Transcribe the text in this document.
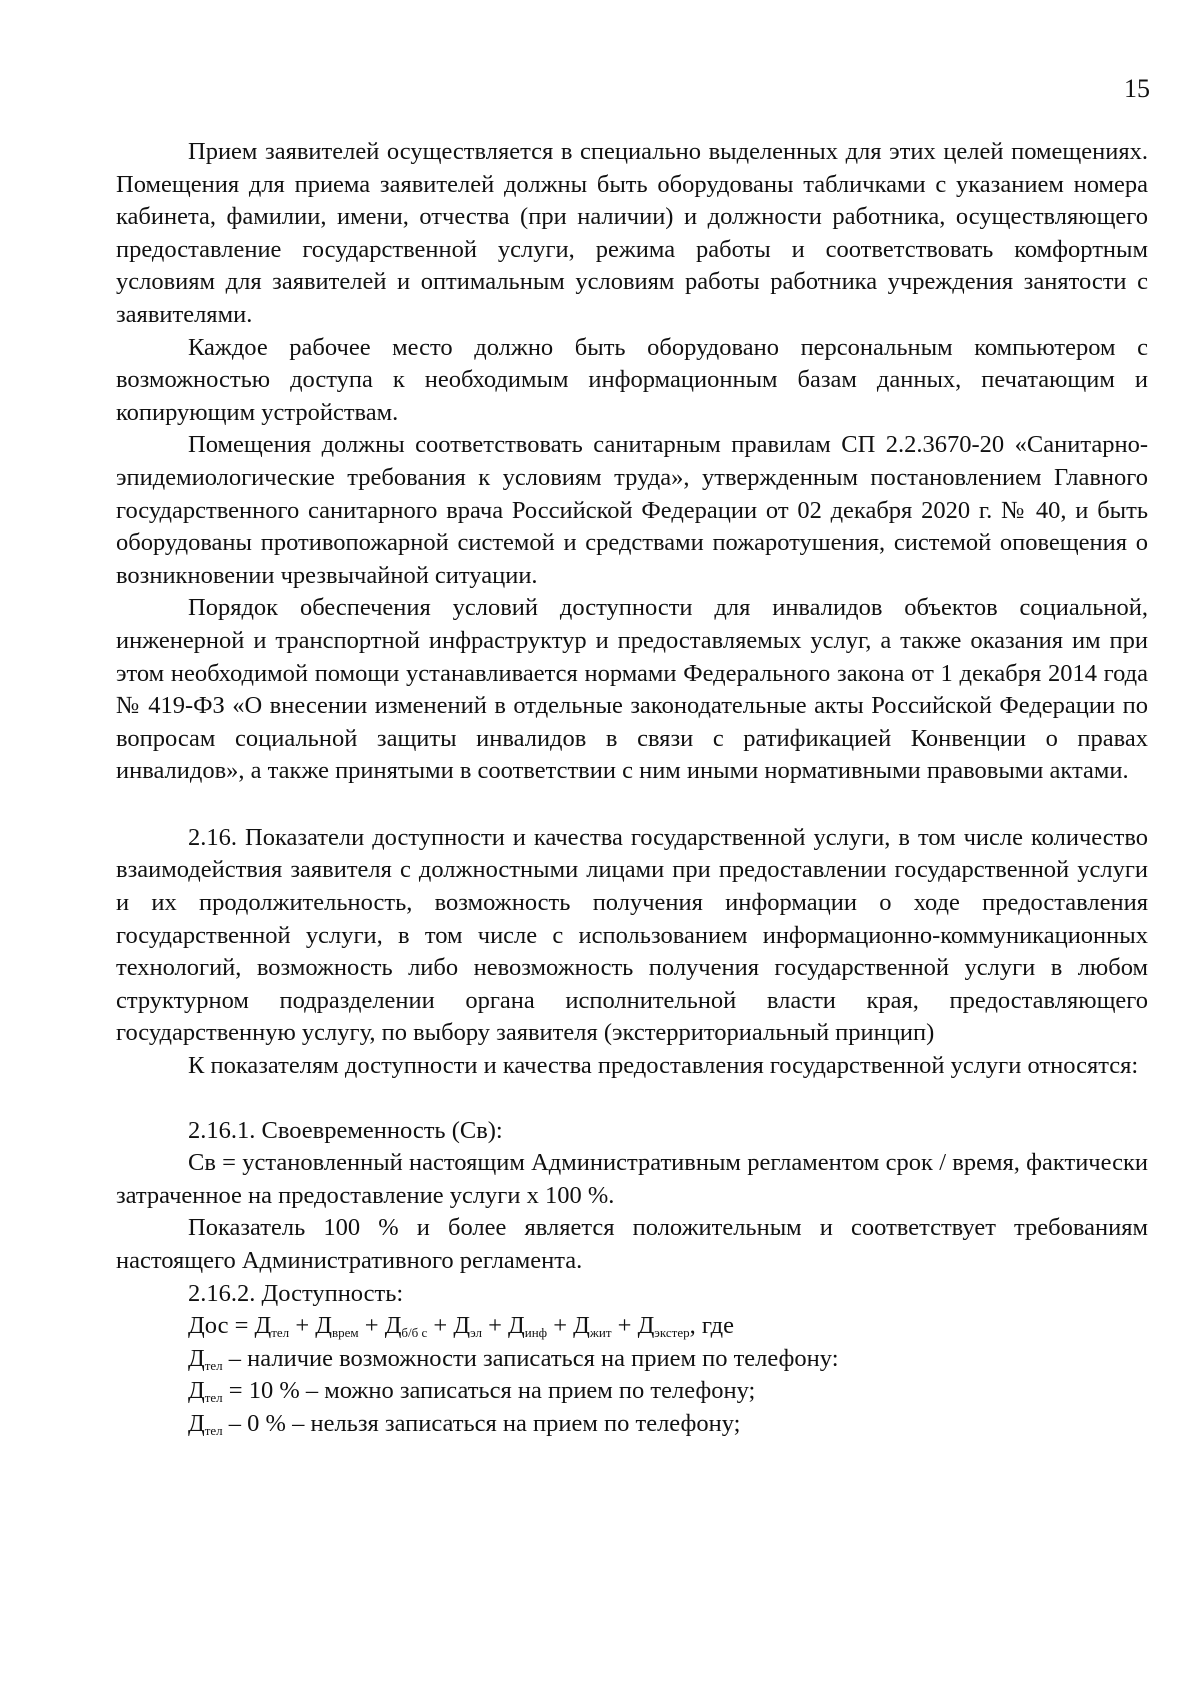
15

Прием заявителей осуществляется в специально выделенных для этих целей помещениях. Помещения для приема заявителей должны быть оборудованы табличками с указанием номера кабинета, фамилии, имени, отчества (при наличии) и должности работника, осуществляющего предоставление государственной услуги, режима работы и соответствовать комфортным условиям для заявителей и оптимальным условиям работы работника учреждения занятости с заявителями.

Каждое рабочее место должно быть оборудовано персональным компьютером с возможностью доступа к необходимым информационным базам данных, печатающим и копирующим устройствам.

Помещения должны соответствовать санитарным правилам СП 2.2.3670-20 «Санитарно-эпидемиологические требования к условиям труда», утвержденным постановлением Главного государственного санитарного врача Российской Федерации от 02 декабря 2020 г. № 40, и быть оборудованы противопожарной системой и средствами пожаротушения, системой оповещения о возникновении чрезвычайной ситуации.

Порядок обеспечения условий доступности для инвалидов объектов социальной, инженерной и транспортной инфраструктур и предоставляемых услуг, а также оказания им при этом необходимой помощи устанавливается нормами Федерального закона от 1 декабря 2014 года № 419-ФЗ «О внесении изменений в отдельные законодательные акты Российской Федерации по вопросам социальной защиты инвалидов в связи с ратификацией Конвенции о правах инвалидов», а также принятыми в соответствии с ним иными нормативными правовыми актами.

2.16. Показатели доступности и качества государственной услуги, в том числе количество взаимодействия заявителя с должностными лицами при предоставлении государственной услуги и их продолжительность, возможность получения информации о ходе предоставления государственной услуги, в том числе с использованием информационно-коммуникационных технологий, возможность либо невозможность получения государственной услуги в любом структурном подразделении органа исполнительной власти края, предоставляющего государственную услугу, по выбору заявителя (экстерриториальный принцип)

К показателям доступности и качества предоставления государственной услуги относятся:

2.16.1. Своевременность (Св):

Св = установленный настоящим Административным регламентом срок / время, фактически затраченное на предоставление услуги х 100 %.

Показатель 100 % и более является положительным и соответствует требованиям настоящего Административного регламента.

2.16.2. Доступность:

Дос = $Д_{тел} + Д_{врем} + Д_{б/б с} + Д_{эл} + Д_{инф} + Д_{жит} + Д_{экстер}$, где

$Д_{тел}$ – наличие возможности записаться на прием по телефону:

$Д_{тел} = 10$ % – можно записаться на прием по телефону;

$Д_{тел} - 0$ % – нельзя записаться на прием по телефону;
